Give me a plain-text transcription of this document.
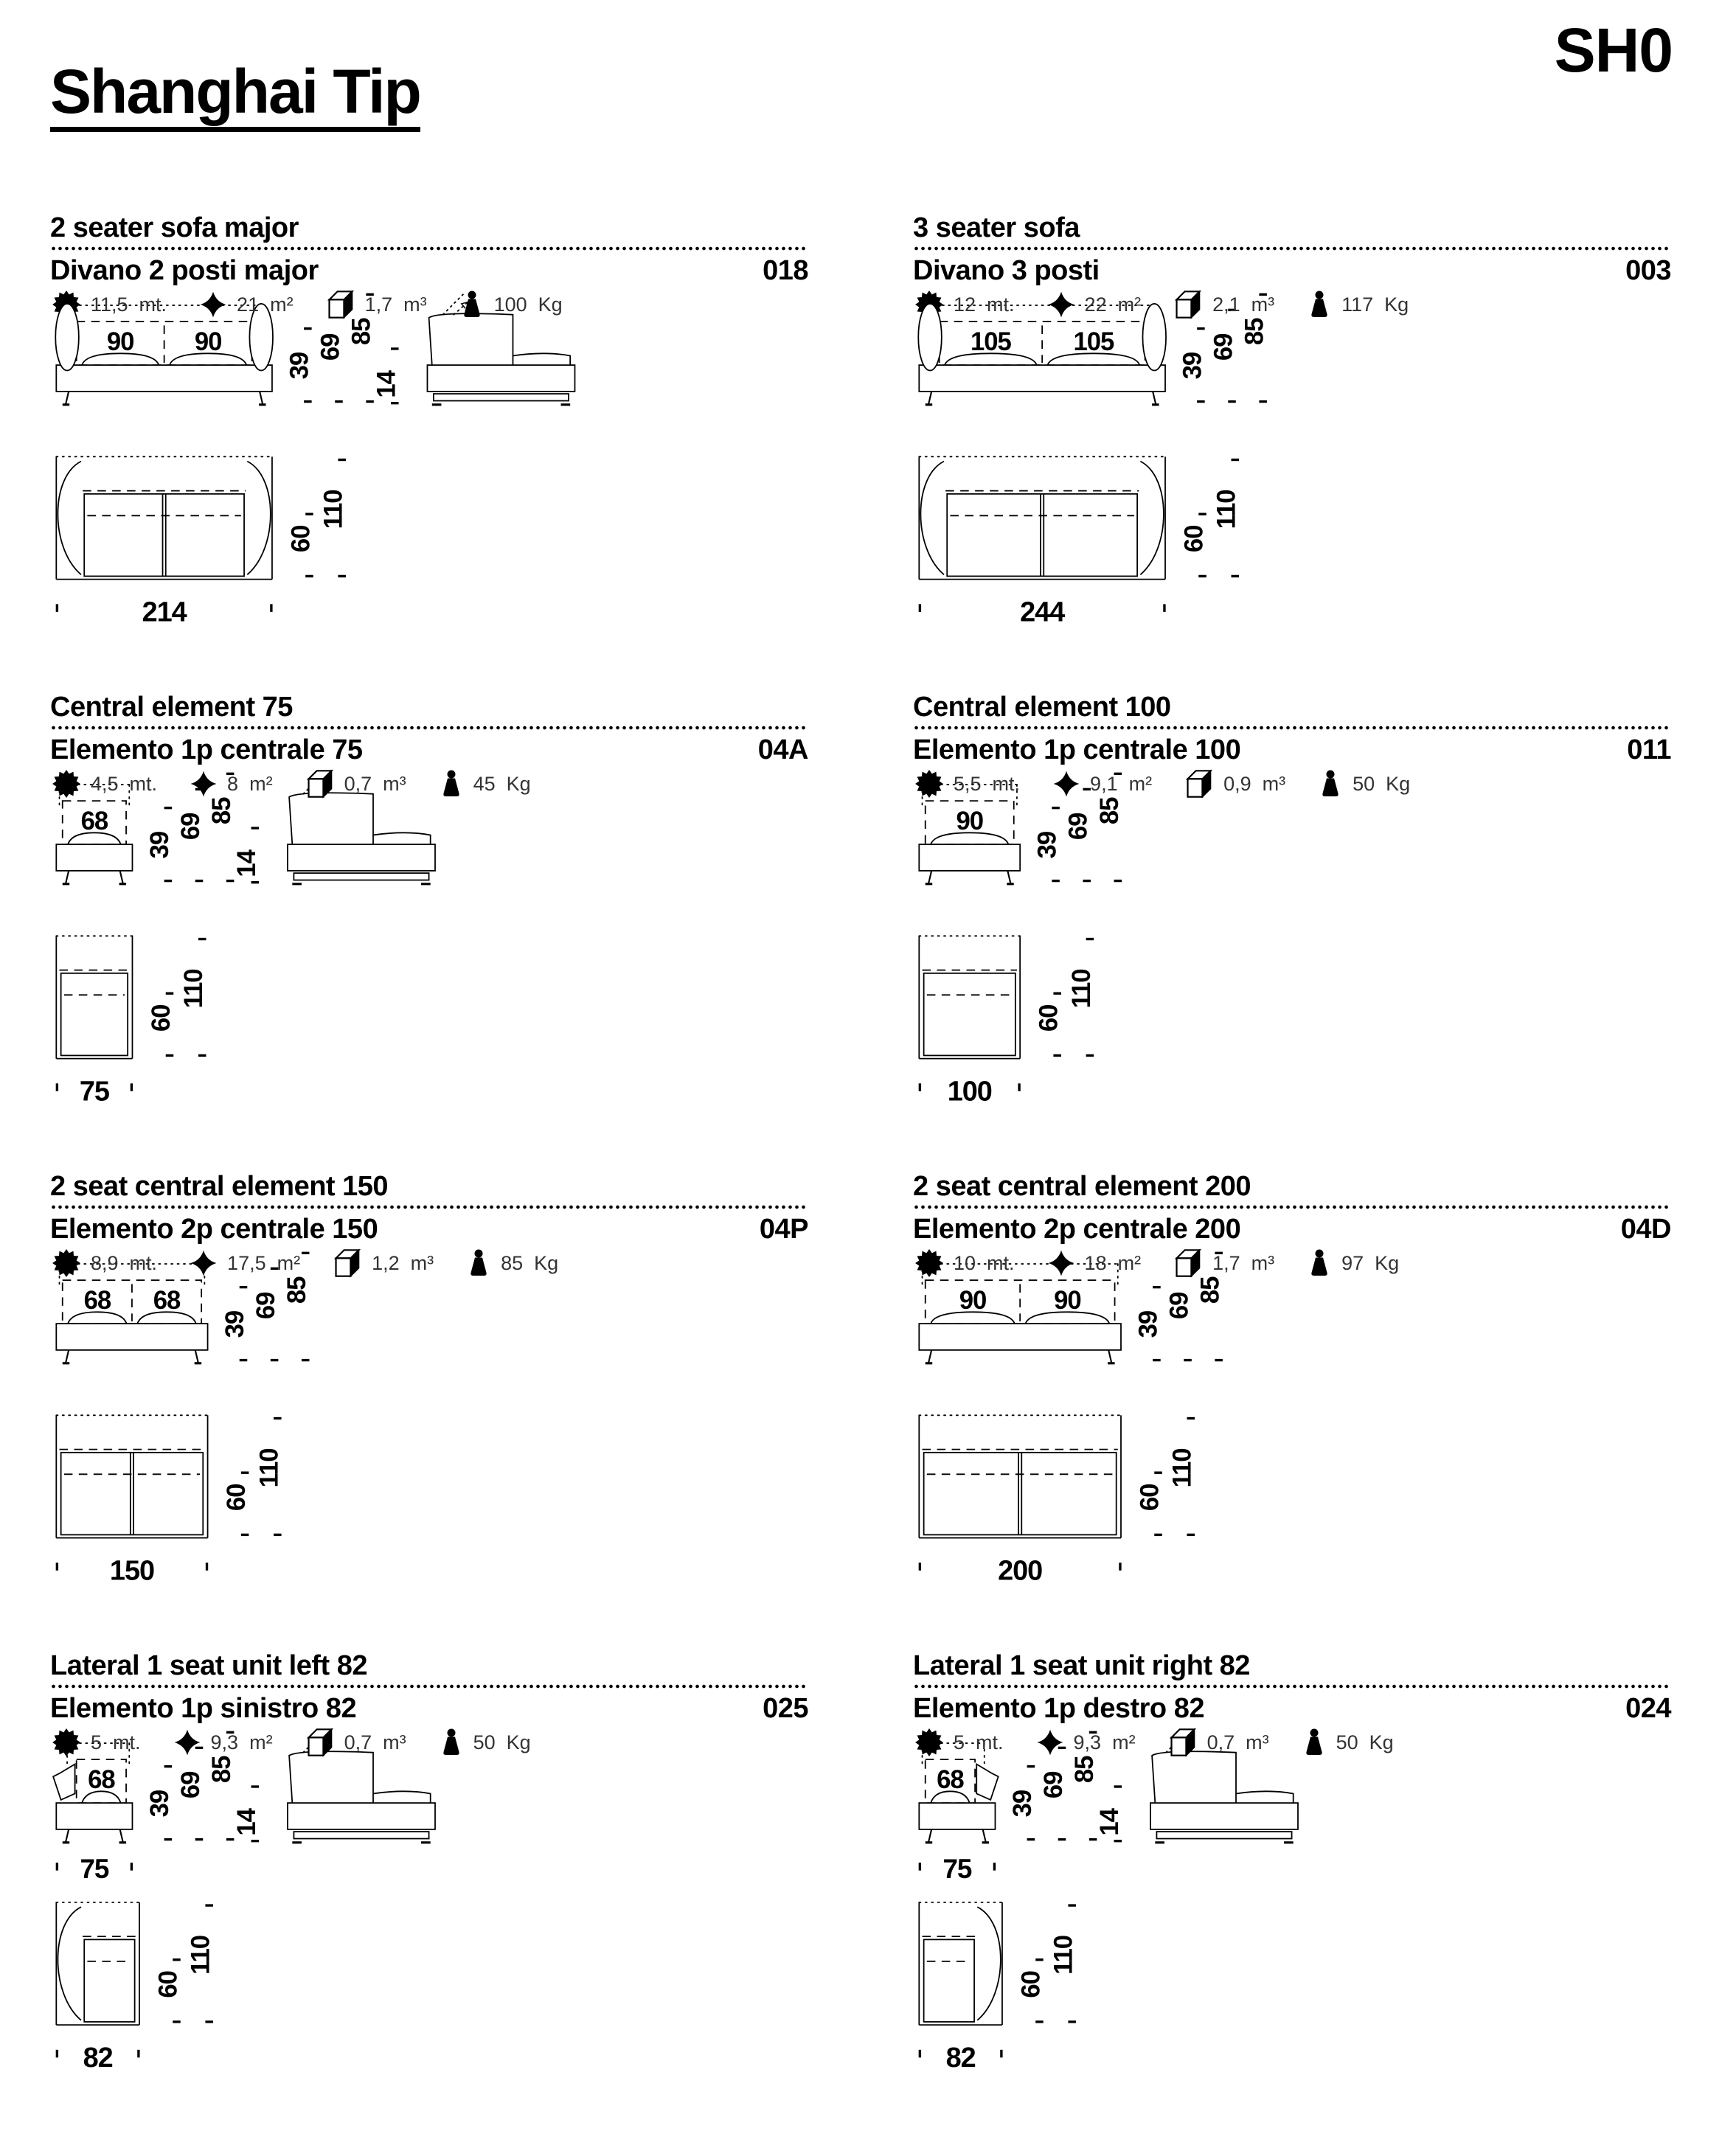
Shanghai Tip
SH0
2 seater sofa major
Divano 2 posti major	018
90 90
39
69
85
14
214
60
110
11,5 mt.	21 m²	1,7 m³	100 Kg
3 seater sofa
Divano 3 posti	003
105	105
39
69
85
244
60
110
12 mt.	22 m²	2,1 m³	117 Kg
Central element 75
Elemento 1p centrale 75	04A
68
39
69
85
14
75
60
110
4,5 mt.	8 m²	0,7 m³	45 Kg
Central element 100
Elemento 1p centrale 100	011
90
39
69
85
100
60
110
5,5 mt.	9,1 m²	0,9 m³	50 Kg
2 seat central element 150
Elemento 2p centrale 150	04P
68 68
39
69
85
150
60
110
8,9 mt.	17,5 m²	1,2 m³	85 Kg
2 seat central element 200
Elemento 2p centrale 200	04D
90	90
39
69
85
200
60
110
10 mt.	18 m²	1,7 m³	97 Kg
Lateral 1 seat unit left 82
Elemento 1p sinistro 82	025
68
39
69
85
14
75
82
60
110
5 mt.	9,3 m²	0,7 m³	50 Kg
Lateral 1 seat unit right 82
Elemento 1p destro 82	024
68
39
69
85
14
75
82
60
110
5 mt.	9,3 m²	0,7 m³	50 Kg
